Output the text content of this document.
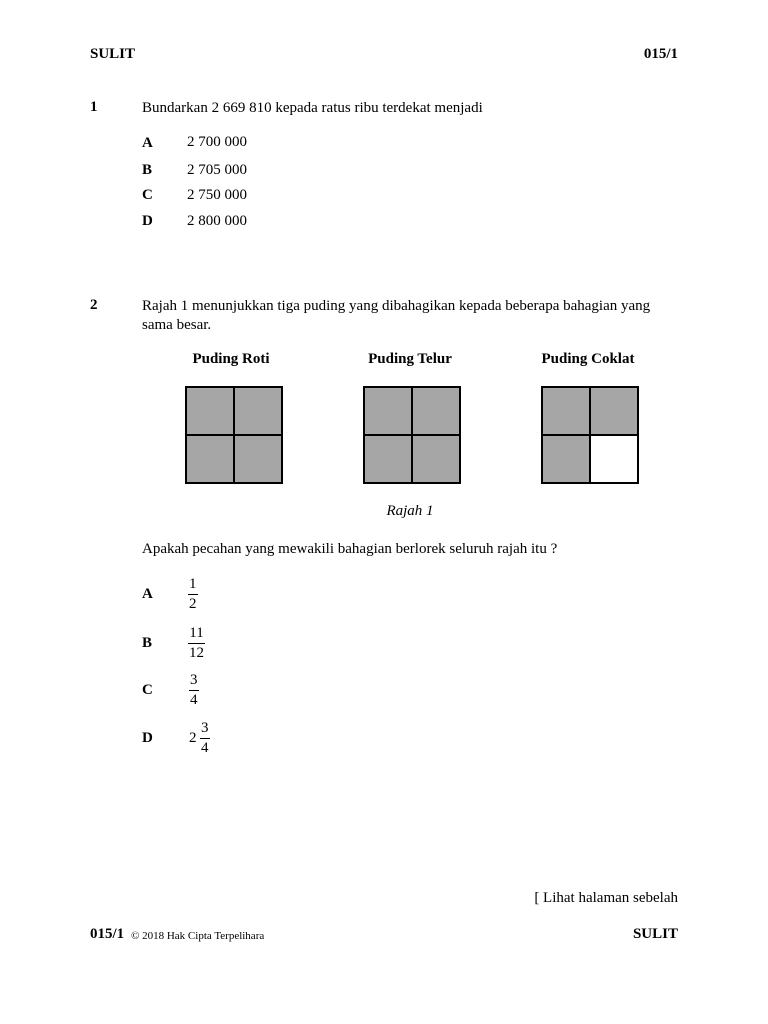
SULIT	015/1
1	Bundarkan 2 669 810 kepada ratus ribu terdekat menjadi
A 2 700 000
B 2 705 000
C 2 750 000
D 2 800 000
2	Rajah 1 menunjukkan tiga puding yang dibahagikan kepada beberapa bahagian yang sama besar.
Puding Roti	Puding Telur	Puding Coklat
Rajah 1
Apakah pecahan yang mewakili bahagian berlorek seluruh rajah itu ?
A
1
2
B
11
12
C
3
4
D 2
3
4
[ Lihat halaman sebelah
015/1 © 2018 Hak Cipta Terpelihara	SULIT
